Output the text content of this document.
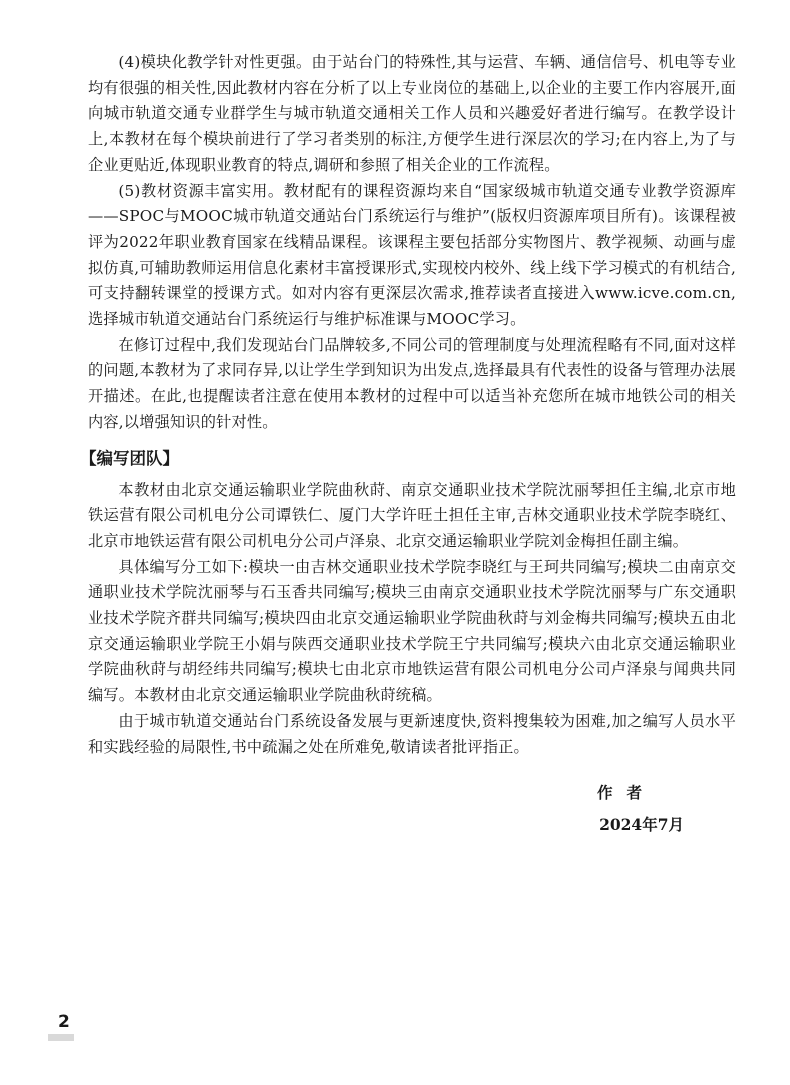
(4)模块化教学针对性更强。由于站台门的特殊性,其与运营、车辆、通信信号、机电等专业均有很强的相关性,因此教材内容在分析了以上专业岗位的基础上,以企业的主要工作内容展开,面向城市轨道交通专业群学生与城市轨道交通相关工作人员和兴趣爱好者进行编写。在教学设计上,本教材在每个模块前进行了学习者类别的标注,方便学生进行深层次的学习;在内容上,为了与企业更贴近,体现职业教育的特点,调研和参照了相关企业的工作流程。

(5)教材资源丰富实用。教材配有的课程资源均来自“国家级城市轨道交通专业教学资源库——SPOC与MOOC城市轨道交通站台门系统运行与维护”(版权归资源库项目所有)。该课程被评为2022年职业教育国家在线精品课程。该课程主要包括部分实物图片、教学视频、动画与虚拟仿真,可辅助教师运用信息化素材丰富授课形式,实现校内校外、线上线下学习模式的有机结合,可支持翻转课堂的授课方式。如对内容有更深层次需求,推荐读者直接进入www.icve.com.cn,选择城市轨道交通站台门系统运行与维护标准课与MOOC学习。

在修订过程中,我们发现站台门品牌较多,不同公司的管理制度与处理流程略有不同,面对这样的问题,本教材为了求同存异,以让学生学到知识为出发点,选择最具有代表性的设备与管理办法展开描述。在此,也提醒读者注意在使用本教材的过程中可以适当补充您所在城市地铁公司的相关内容,以增强知识的针对性。

【编写团队】

本教材由北京交通运输职业学院曲秋莳、南京交通职业技术学院沈丽琴担任主编,北京市地铁运营有限公司机电分公司谭铁仁、厦门大学许旺土担任主审,吉林交通职业技术学院李晓红、北京市地铁运营有限公司机电分公司卢泽泉、北京交通运输职业学院刘金梅担任副主编。

具体编写分工如下:模块一由吉林交通职业技术学院李晓红与王珂共同编写;模块二由南京交通职业技术学院沈丽琴与石玉香共同编写;模块三由南京交通职业技术学院沈丽琴与广东交通职业技术学院齐群共同编写;模块四由北京交通运输职业学院曲秋莳与刘金梅共同编写;模块五由北京交通运输职业学院王小娟与陕西交通职业技术学院王宁共同编写;模块六由北京交通运输职业学院曲秋莳与胡经纬共同编写;模块七由北京市地铁运营有限公司机电分公司卢泽泉与闻典共同编写。本教材由北京交通运输职业学院曲秋莳统稿。

由于城市轨道交通站台门系统设备发展与更新速度快,资料搜集较为困难,加之编写人员水平和实践经验的局限性,书中疏漏之处在所难免,敬请读者批评指正。

作者
2024年7月
2
